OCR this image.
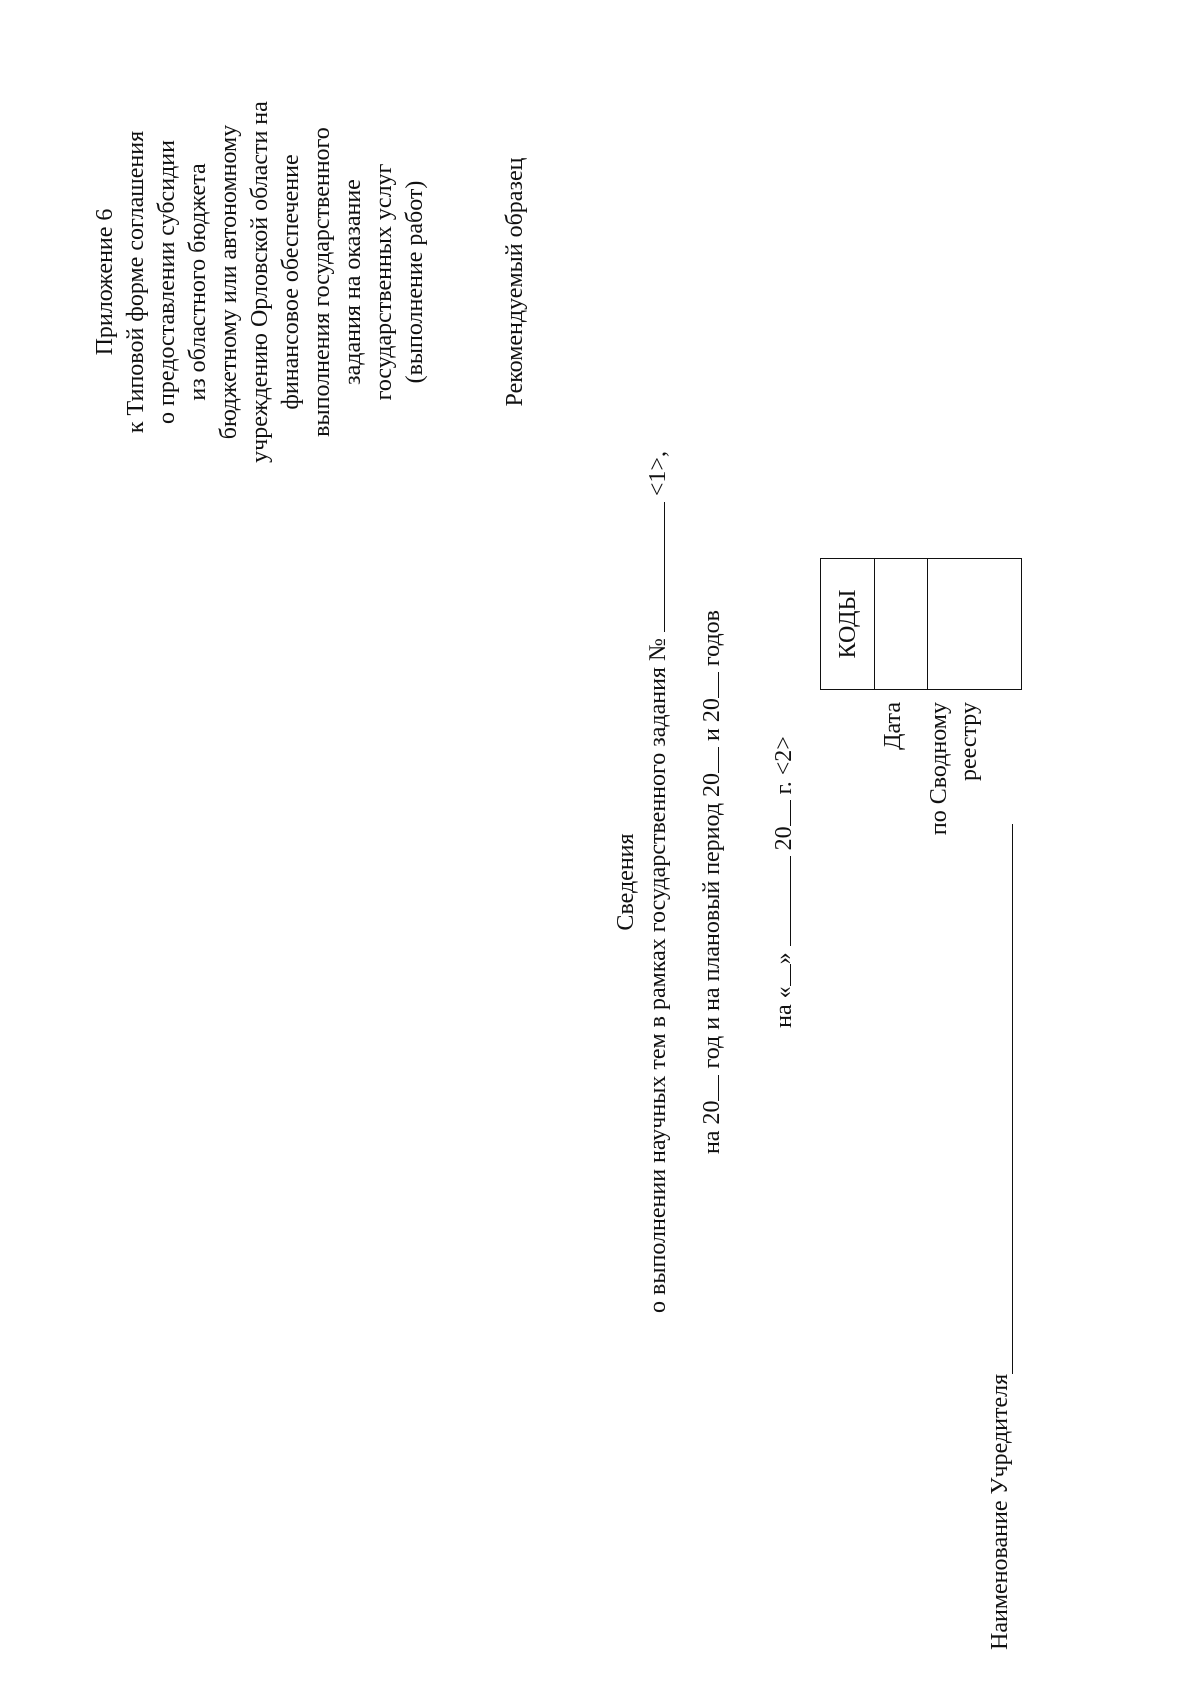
Приложение 6 к Типовой форме соглашения о предоставлении субсидии из областного бюджета бюджетному или автономному учреждению Орловской области на финансовое обеспечение выполнения государственного задания на оказание государственных услуг (выполнение работ)	Рекомендуемый образец
Сведения о выполнении научных тем в рамках государственного задания №  <1>,
на 20 год и на плановый период 20 и 20 годов
на «»  20 г. <2>
КОДЫ
Дата по Сводному реестру
Наименование Учредителя
